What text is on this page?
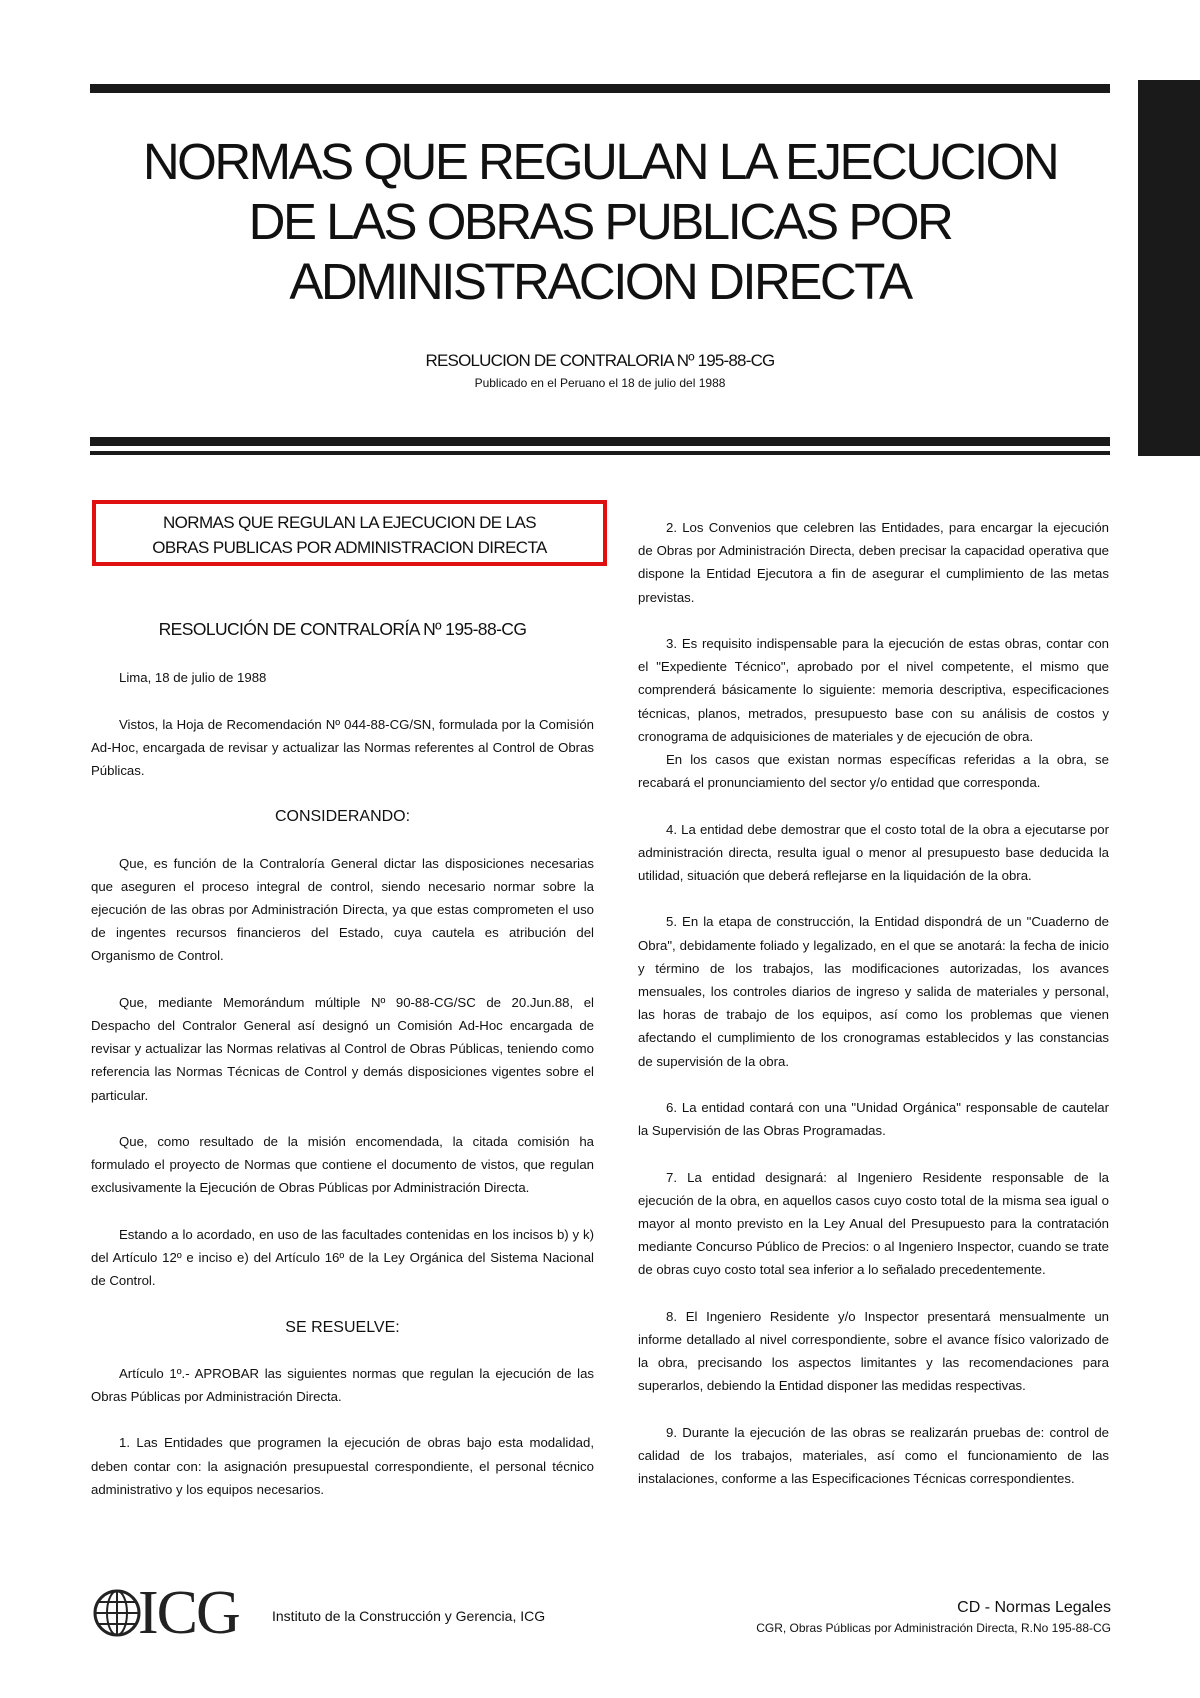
NORMAS QUE REGULAN LA EJECUCION
DE LAS OBRAS PUBLICAS POR
ADMINISTRACION DIRECTA

RESOLUCION DE CONTRALORIA Nº 195-88-CG

Publicado en el Peruano el 18 de julio del 1988

NORMAS QUE REGULAN LA EJECUCION DE LAS
OBRAS PUBLICAS POR ADMINISTRACION DIRECTA

RESOLUCIÓN DE CONTRALORÍA Nº 195-88-CG

Lima, 18 de julio de 1988

Vistos, la Hoja de Recomendación Nº 044-88-CG/SN, formulada por la Comisión Ad-Hoc, encargada de revisar y actualizar las Normas referentes al Control de Obras Públicas.

CONSIDERANDO:

Que, es función de la Contraloría General dictar las disposiciones necesarias que aseguren el proceso integral de control, siendo necesario normar sobre la ejecución de las obras por Administración Directa, ya que estas comprometen el uso de ingentes recursos financieros del Estado, cuya cautela es atribución del Organismo de Control.

Que, mediante Memorándum múltiple Nº 90-88-CG/SC de 20.Jun.88, el Despacho del Contralor General así designó un Comisión Ad-Hoc encargada de revisar y actualizar las Normas relativas al Control de Obras Públicas, teniendo como referencia las Normas Técnicas de Control y demás disposiciones vigentes sobre el particular.

Que, como resultado de la misión encomendada, la citada comisión ha formulado el proyecto de Normas que contiene el documento de vistos, que regulan exclusivamente la Ejecución de Obras Públicas por Administración Directa.

Estando a lo acordado, en uso de las facultades contenidas en los incisos b) y k) del Artículo 12º e inciso e) del Artículo 16º de la Ley Orgánica del Sistema Nacional de Control.

SE RESUELVE:

Artículo 1º.- APROBAR las siguientes normas que regulan la ejecución de las Obras Públicas por Administración Directa.

1. Las Entidades que programen la ejecución de obras bajo esta modalidad, deben contar con: la asignación presupuestal correspondiente, el personal técnico administrativo y los equipos necesarios.

2. Los Convenios que celebren las Entidades, para encargar la ejecución de Obras por Administración Directa, deben precisar la capacidad operativa que dispone la Entidad Ejecutora a fin de asegurar el cumplimiento de las metas previstas.

3. Es requisito indispensable para la ejecución de estas obras, contar con el "Expediente Técnico", aprobado por el nivel competente, el mismo que comprenderá básicamente lo siguiente: memoria descriptiva, especificaciones técnicas, planos, metrados, presupuesto base con su análisis de costos y cronograma de adquisiciones de materiales y de ejecución de obra.

En los casos que existan normas específicas referidas a la obra, se recabará el pronunciamiento del sector y/o entidad que corresponda.

4. La entidad debe demostrar que el costo total de la obra a ejecutarse por administración directa, resulta igual o menor al presupuesto base deducida la utilidad, situación que deberá reflejarse en la liquidación de la obra.

5. En la etapa de construcción, la Entidad dispondrá de un "Cuaderno de Obra", debidamente foliado y legalizado, en el que se anotará: la fecha de inicio y término de los trabajos, las modificaciones autorizadas, los avances mensuales, los controles diarios de ingreso y salida de materiales y personal, las horas de trabajo de los equipos, así como los problemas que vienen afectando el cumplimiento de los cronogramas establecidos y las constancias de supervisión de la obra.

6. La entidad contará con una "Unidad Orgánica" responsable de cautelar la Supervisión de las Obras Programadas.

7. La entidad designará: al Ingeniero Residente responsable de la ejecución de la obra, en aquellos casos cuyo costo total de la misma sea igual o mayor al monto previsto en la Ley Anual del Presupuesto para la contratación mediante Concurso Público de Precios: o al Ingeniero Inspector, cuando se trate de obras cuyo costo total sea inferior a lo señalado precedentemente.

8. El Ingeniero Residente y/o Inspector presentará mensualmente un informe detallado al nivel correspondiente, sobre el avance físico valorizado de la obra, precisando los aspectos limitantes y las recomendaciones para superarlos, debiendo la Entidad disponer las medidas respectivas.

9. Durante la ejecución de las obras se realizarán pruebas de: control de calidad de los trabajos, materiales, así como el funcionamiento de las instalaciones, conforme a las Especificaciones Técnicas correspondientes.

ICG Instituto de la Construcción y Gerencia, ICG	CD - Normas Legales

CGR, Obras Públicas por Administración Directa, R.No 195-88-CG
